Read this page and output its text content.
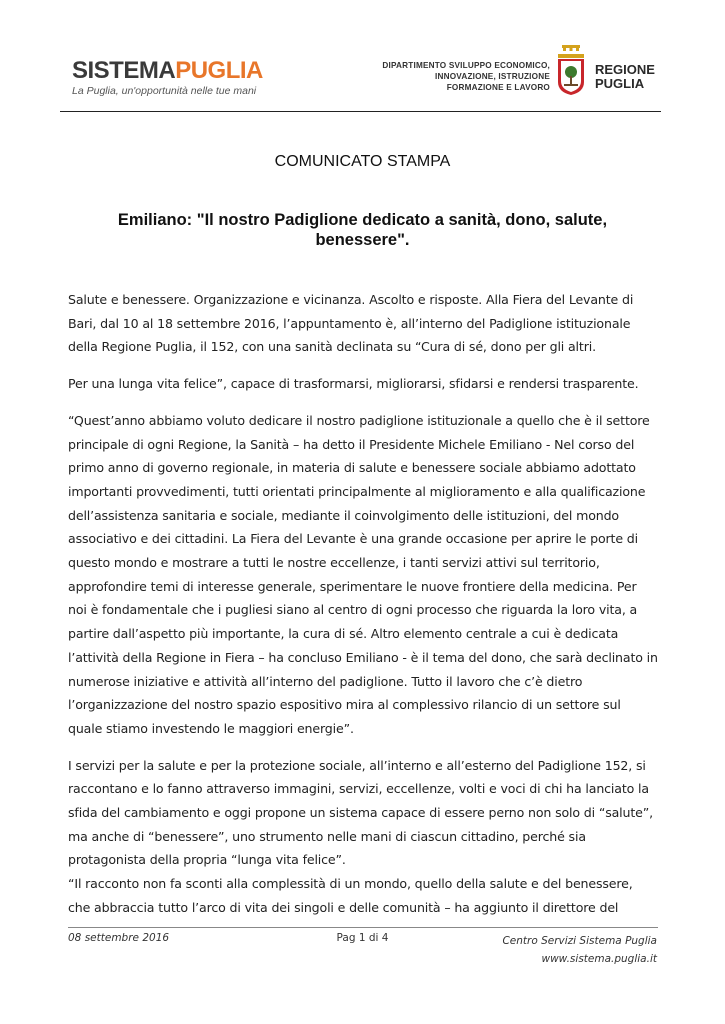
SISTEMAPUGLIA
La Puglia, un'opportunità nelle tue mani
DIPARTIMENTO SVILUPPO ECONOMICO,
INNOVAZIONE, ISTRUZIONE
FORMAZIONE E LAVORO
REGIONE
PUGLIA
COMUNICATO STAMPA
Emiliano: "Il nostro Padiglione dedicato a sanità, dono, salute, benessere".

Salute e benessere. Organizzazione e vicinanza. Ascolto e risposte. Alla Fiera del Levante di Bari, dal 10 al 18 settembre 2016, l’appuntamento è, all’interno del Padiglione istituzionale della Regione Puglia, il 152, con una sanità declinata su “Cura di sé, dono per gli altri.

Per una lunga vita felice”, capace di trasformarsi, migliorarsi, sfidarsi e rendersi trasparente.

“Quest’anno abbiamo voluto dedicare il nostro padiglione istituzionale a quello che è il settore principale di ogni Regione, la Sanità – ha detto il Presidente Michele Emiliano - Nel corso del primo anno di governo regionale, in materia di salute e benessere sociale abbiamo adottato importanti provvedimenti, tutti orientati principalmente al miglioramento e alla qualificazione dell’assistenza sanitaria e sociale, mediante il coinvolgimento delle istituzioni, del mondo associativo e dei cittadini. La Fiera del Levante è una grande occasione per aprire le porte di questo mondo e mostrare a tutti le nostre eccellenze, i tanti servizi attivi sul territorio, approfondire temi di interesse generale, sperimentare le nuove frontiere della medicina. Per noi è fondamentale che i pugliesi siano al centro di ogni processo che riguarda la loro vita, a partire dall’aspetto più importante, la cura di sé. Altro elemento centrale a cui è dedicata l’attività della Regione in Fiera – ha concluso Emiliano - è il tema del dono, che sarà declinato in numerose iniziative e attività all’interno del padiglione. Tutto il lavoro che c’è dietro l’organizzazione del nostro spazio espositivo mira al complessivo rilancio di un settore sul quale stiamo investendo le maggiori energie”.

I servizi per la salute e per la protezione sociale, all’interno e all’esterno del Padiglione 152, si raccontano e lo fanno attraverso immagini, servizi, eccellenze, volti e voci di chi ha lanciato la sfida del cambiamento e oggi propone un sistema capace di essere perno non solo di “salute”, ma anche di “benessere”, uno strumento nelle mani di ciascun cittadino, perché sia protagonista della propria “lunga vita felice”.

“Il racconto non fa sconti alla complessità di un mondo, quello della salute e del benessere, che abbraccia tutto l’arco di vita dei singoli e delle comunità – ha aggiunto il direttore del

08 settembre 2016	Pag 1 di 4	Centro Servizi Sistema Puglia
www.sistema.puglia.it
